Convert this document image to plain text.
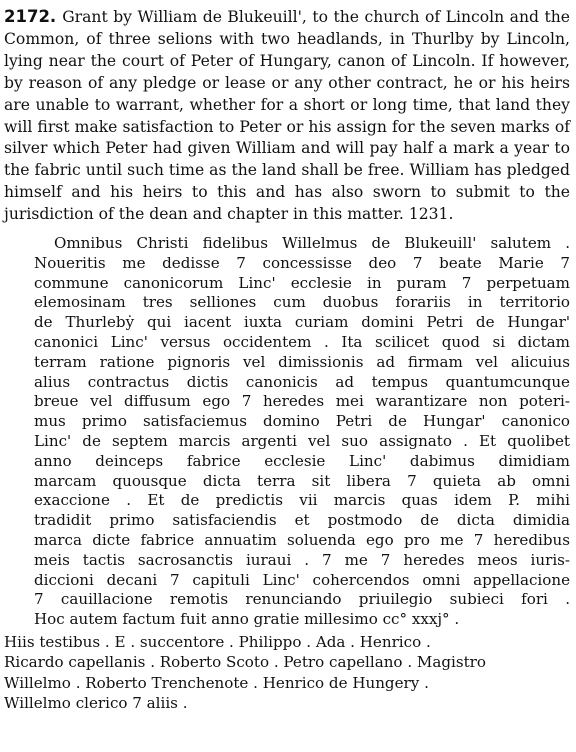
2172. Grant by William de Blukeuill', to the church of Lincoln and the Common, of three selions with two headlands, in Thurlby by Lincoln, lying near the court of Peter of Hungary, canon of Lincoln. If however, by reason of any pledge or lease or any other contract, he or his heirs are unable to warrant, whether for a short or long time, that land they will first make satisfaction to Peter or his assign for the seven marks of silver which Peter had given William and will pay half a mark a year to the fabric until such time as the land shall be free. William has pledged himself and his heirs to this and has also sworn to submit to the jurisdiction of the dean and chapter in this matter. 1231.

Omnibus Christi fidelibus Willelmus de Blukeuill' salutem .
Noueritis me dedisse 7 concessisse deo 7 beate Marie 7
commune canonicorum Linc' ecclesie in puram 7 perpetuam
elemosinam tres selliones cum duobus forariis in territorio
de Thurlebẏ qui iacent iuxta curiam domini Petri de Hungar'
canonici Linc' versus occidentem . Ita scilicet quod si dictam
terram ratione pignoris vel dimissionis ad firmam vel alicuius
alius contractus dictis canonicis ad tempus quantumcunque
breue vel diffusum ego 7 heredes mei warantizare non poteri-
mus primo satisfaciemus domino Petri de Hungar' canonico
Linc' de septem marcis argenti vel suo assignato . Et quolibet
anno deinceps fabrice ecclesie Linc' dabimus dimidiam
marcam quousque dicta terra sit libera 7 quieta ab omni
exaccione . Et de predictis vii marcis quas idem P. mihi
tradidit primo satisfaciendis et postmodo de dicta dimidia
marca dicte fabrice annuatim soluenda ego pro me 7 heredibus
meis tactis sacrosanctis iuraui . 7 me 7 heredes meos iuris-
diccioni decani 7 capituli Linc' cohercendos omni appellacione
7 cauillacione remotis renunciando priuilegio subieci fori .
Hoc autem factum fuit anno gratie millesimo cc° xxxj° .
Hiis testibus . E . succentore . Philippo . Ada . Henrico .
Ricardo capellanis . Roberto Scoto . Petro capellano . Magistro
Willelmo . Roberto Trenchenote . Henrico de Hungery .
Willelmo clerico 7 aliis .
